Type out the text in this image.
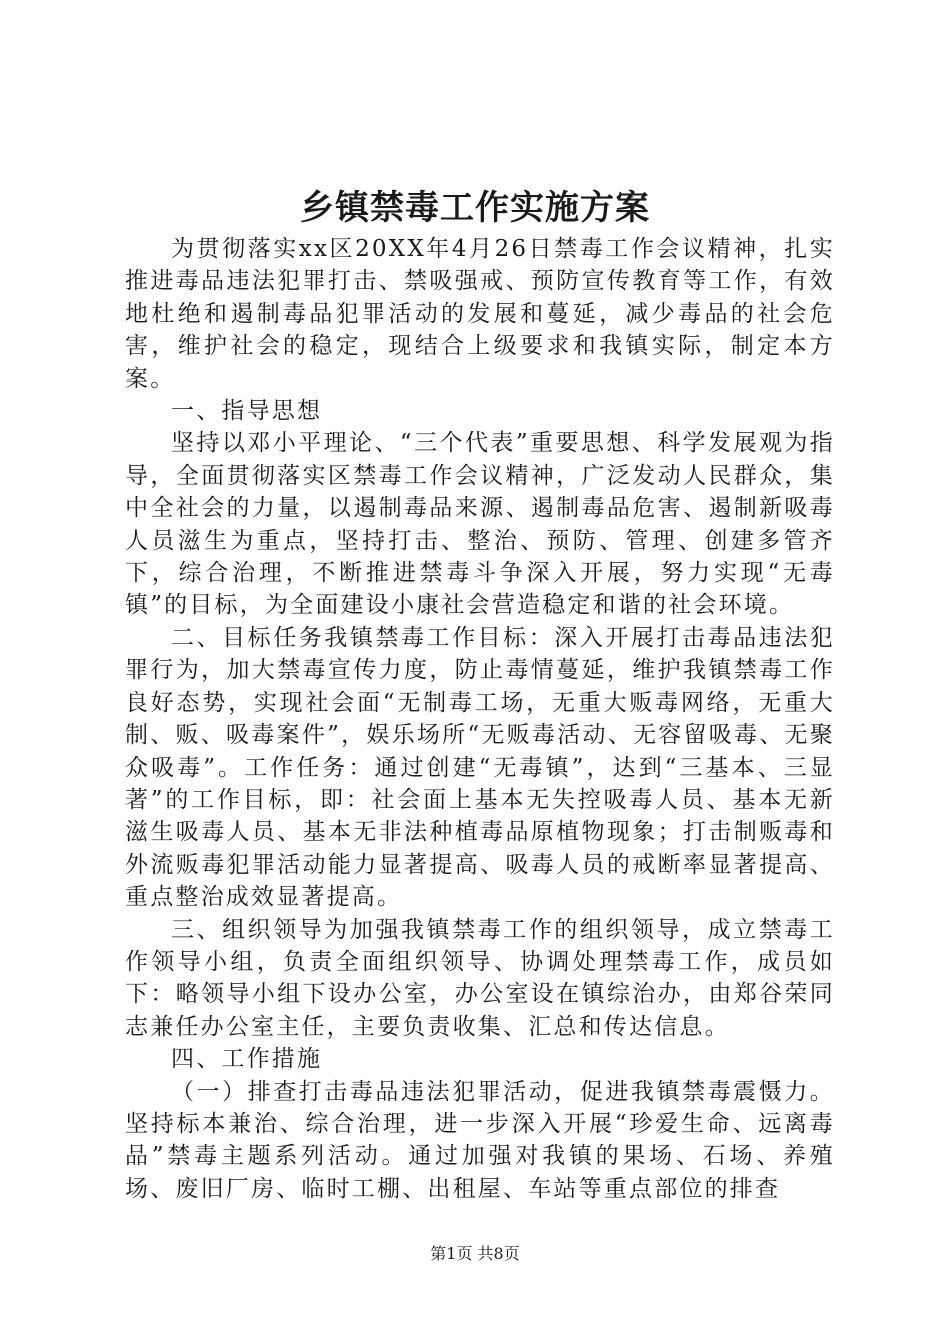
乡镇禁毒工作实施方案

为贯彻落实xx区20XX年4月26日禁毒工作会议精神，扎实推进毒品违法犯罪打击、禁吸强戒、预防宣传教育等工作，有效地杜绝和遏制毒品犯罪活动的发展和蔓延，减少毒品的社会危害，维护社会的稳定，现结合上级要求和我镇实际，制定本方案。

一、指导思想

坚持以邓小平理论、“三个代表”重要思想、科学发展观为指导，全面贯彻落实区禁毒工作会议精神，广泛发动人民群众，集中全社会的力量，以遏制毒品来源、遏制毒品危害、遏制新吸毒人员滋生为重点，坚持打击、整治、预防、管理、创建多管齐下，综合治理，不断推进禁毒斗争深入开展，努力实现“无毒镇”的目标，为全面建设小康社会营造稳定和谐的社会环境。

二、目标任务我镇禁毒工作目标：深入开展打击毒品违法犯罪行为，加大禁毒宣传力度，防止毒情蔓延，维护我镇禁毒工作良好态势，实现社会面“无制毒工场，无重大贩毒网络，无重大制、贩、吸毒案件”，娱乐场所“无贩毒活动、无容留吸毒、无聚众吸毒”。工作任务：通过创建“无毒镇”，达到“三基本、三显著”的工作目标，即：社会面上基本无失控吸毒人员、基本无新滋生吸毒人员、基本无非法种植毒品原植物现象；打击制贩毒和外流贩毒犯罪活动能力显著提高、吸毒人员的戒断率显著提高、重点整治成效显著提高。

三、组织领导为加强我镇禁毒工作的组织领导，成立禁毒工作领导小组，负责全面组织领导、协调处理禁毒工作，成员如下：略领导小组下设办公室，办公室设在镇综治办，由郑谷荣同志兼任办公室主任，主要负责收集、汇总和传达信息。

四、工作措施

（一）排查打击毒品违法犯罪活动，促进我镇禁毒震慑力。坚持标本兼治、综合治理，进一步深入开展“珍爱生命、远离毒品”禁毒主题系列活动。通过加强对我镇的果场、石场、养殖场、废旧厂房、临时工棚、出租屋、车站等重点部位的排查

第1页 共8页
